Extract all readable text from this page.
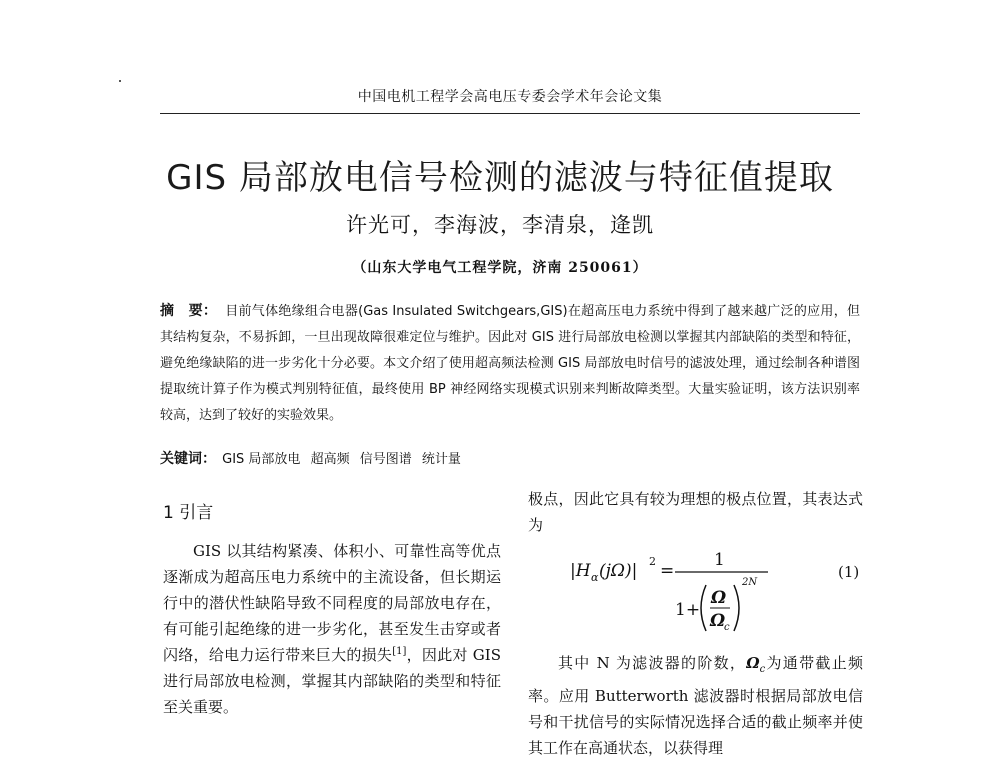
中国电机工程学会高电压专委会学术年会论文集
GIS 局部放电信号检测的滤波与特征值提取
许光可，李海波，李清泉，逄凯
（山东大学电气工程学院，济南 250061）
摘　要： 目前气体绝缘组合电器(Gas Insulated Switchgears,GIS)在超高压电力系统中得到了越来越广泛的应用，但其结构复杂，不易拆卸，一旦出现故障很难定位与维护。因此对 GIS 进行局部放电检测以掌握其内部缺陷的类型和特征，避免绝缘缺陷的进一步劣化十分必要。本文介绍了使用超高频法检测 GIS 局部放电时信号的滤波处理，通过绘制各种谱图提取统计算子作为模式判别特征值，最终使用 BP 神经网络实现模式识别来判断故障类型。大量实验证明，该方法识别率较高，达到了较好的实验效果。
关键词： GIS 局部放电 超高频 信号图谱 统计量
1 引言

GIS 以其结构紧凑、体积小、可靠性高等优点逐渐成为超高压电力系统中的主流设备，但长期运行中的潜伏性缺陷导致不同程度的局部放电存在，有可能引起绝缘的进一步劣化，甚至发生击穿或者闪络，给电力运行带来巨大的损失[1]，因此对 GIS 进行局部放电检测，掌握其内部缺陷的类型和特征至关重要。

极点，因此它具有较为理想的极点位置，其表达式为
|H α (jΩ)| 2 =
1
1+
Ω
Ω
c
2N
(1)

其中 N 为滤波器的阶数，$\Omega_c$为通带截止频率。应用 Butterworth 滤波器时根据局部放电信号和干扰信号的实际情况选择合适的截止频率并使其工作在高通状态，以获得理
